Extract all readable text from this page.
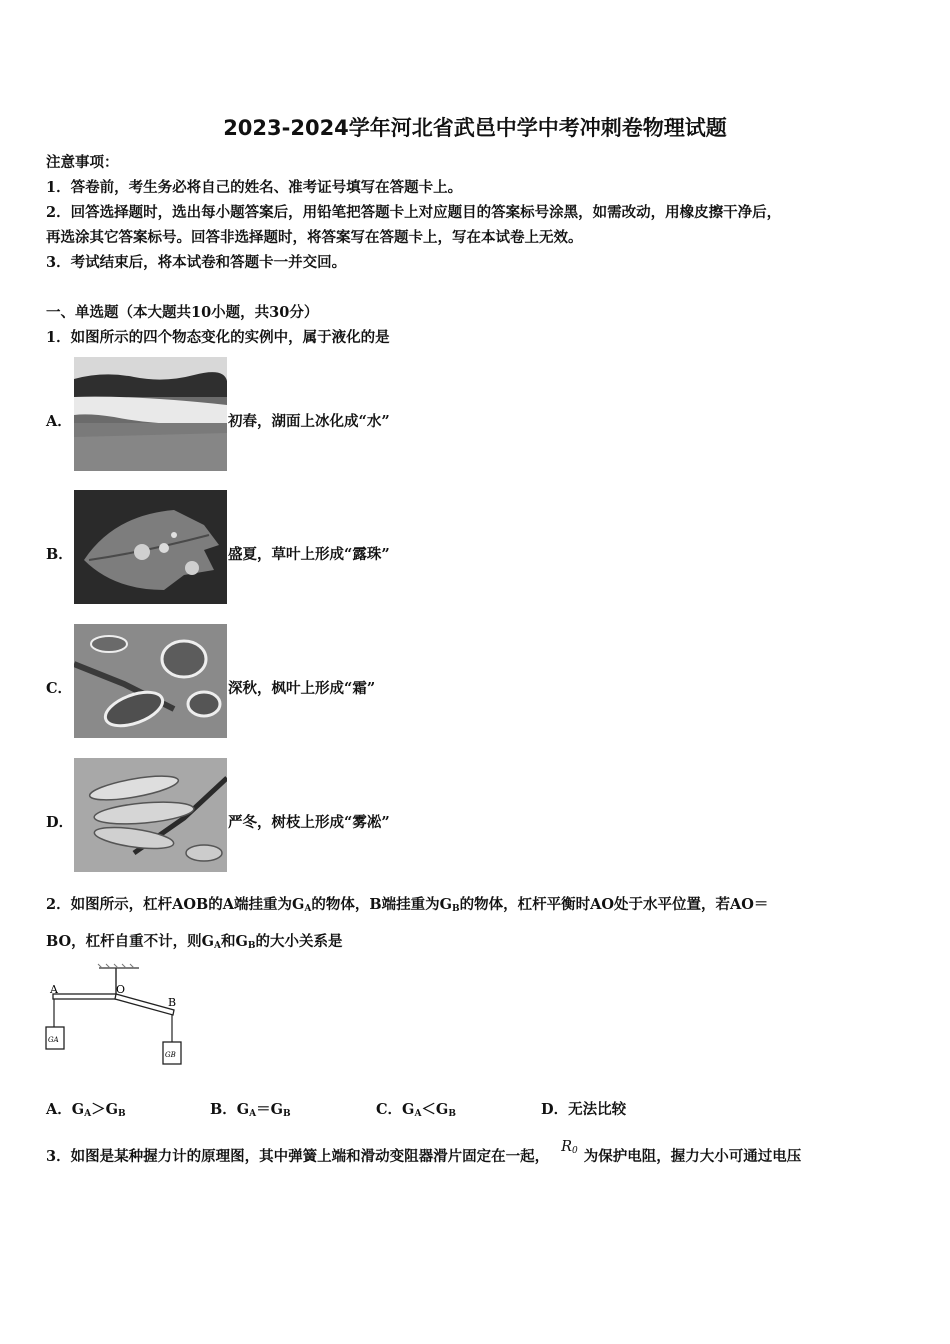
2023-2024学年河北省武邑中学中考冲刺卷物理试题
注意事项：
1．答卷前，考生务必将自己的姓名、准考证号填写在答题卡上。
2．回答选择题时，选出每小题答案后，用铅笔把答题卡上对应题目的答案标号涂黑，如需改动，用橡皮擦干净后，
再选涂其它答案标号。回答非选择题时，将答案写在答题卡上，写在本试卷上无效。
3．考试结束后，将本试卷和答题卡一并交回。
一、单选题（本大题共10小题，共30分）
1．如图所示的四个物态变化的实例中，属于液化的是
A．	初春，湖面上冰化成“水”
B．	盛夏，草叶上形成“露珠”
C．	深秋，枫叶上形成“霜”
D．	严冬，树枝上形成“雾凇”
2．如图所示，杠杆AOB的A端挂重为$G_A$的物体，B端挂重为$G_B$的物体，杠杆平衡时AO处于水平位置，若AO＝
BO，杠杆自重不计，则$G_A$和$G_B$的大小关系是
A	O
B
GA
GB
A．$G_A>G_B$	B．$G_A=G_B$	C．$G_A<G_B$	D．无法比较
3．如图是某种握力计的原理图，其中弹簧上端和滑动变阻器滑片固定在一起，$R_0$ 为保护电阻，握力大小可通过电压
